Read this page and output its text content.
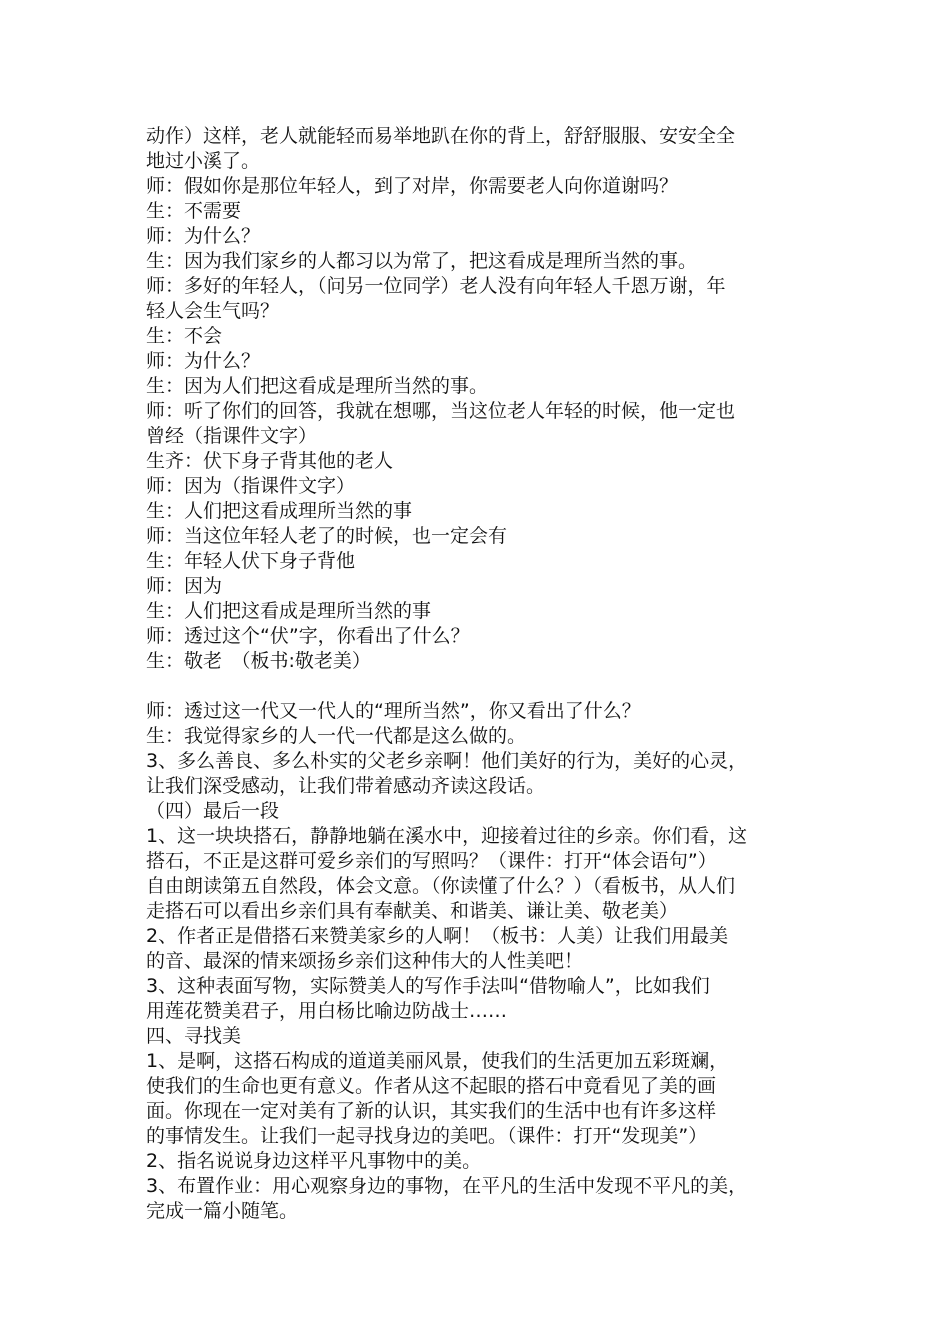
动作）这样，老人就能轻而易举地趴在你的背上，舒舒服服、安安全全
地过小溪了。
师：假如你是那位年轻人，到了对岸，你需要老人向你道谢吗？
生：不需要
师：为什么？
生：因为我们家乡的人都习以为常了，把这看成是理所当然的事。
师：多好的年轻人，（问另一位同学）老人没有向年轻人千恩万谢，年
轻人会生气吗？
生：不会
师：为什么？
生：因为人们把这看成是理所当然的事。
师：听了你们的回答，我就在想哪，当这位老人年轻的时候，他一定也
曾经（指课件文字）
生齐：伏下身子背其他的老人
师：因为（指课件文字）
生：人们把这看成理所当然的事
师：当这位年轻人老了的时候，也一定会有
生：年轻人伏下身子背他
师：因为
生：人们把这看成是理所当然的事
师：透过这个“伏”字，你看出了什么？
生：敬老　（板书:敬老美）
师：透过这一代又一代人的“理所当然”，你又看出了什么？
生：我觉得家乡的人一代一代都是这么做的。
3、多么善良、多么朴实的父老乡亲啊！他们美好的行为，美好的心灵，
让我们深受感动，让我们带着感动齐读这段话。
（四）最后一段
1、这一块块搭石，静静地躺在溪水中，迎接着过往的乡亲。你们看，这
搭石，不正是这群可爱乡亲们的写照吗？（课件：打开“体会语句”）
自由朗读第五自然段，体会文意。（你读懂了什么？）（看板书，从人们
走搭石可以看出乡亲们具有奉献美、和谐美、谦让美、敬老美）
2、作者正是借搭石来赞美家乡的人啊！（板书：人美）让我们用最美
的音、最深的情来颂扬乡亲们这种伟大的人性美吧！
3、这种表面写物，实际赞美人的写作手法叫“借物喻人”，比如我们
用莲花赞美君子，用白杨比喻边防战士……
四、寻找美
1、是啊，这搭石构成的道道美丽风景，使我们的生活更加五彩斑斓，
使我们的生命也更有意义。作者从这不起眼的搭石中竟看见了美的画
面。你现在一定对美有了新的认识，其实我们的生活中也有许多这样
的事情发生。让我们一起寻找身边的美吧。（课件：打开“发现美”）
2、指名说说身边这样平凡事物中的美。
3、布置作业：用心观察身边的事物，在平凡的生活中发现不平凡的美，
完成一篇小随笔。
